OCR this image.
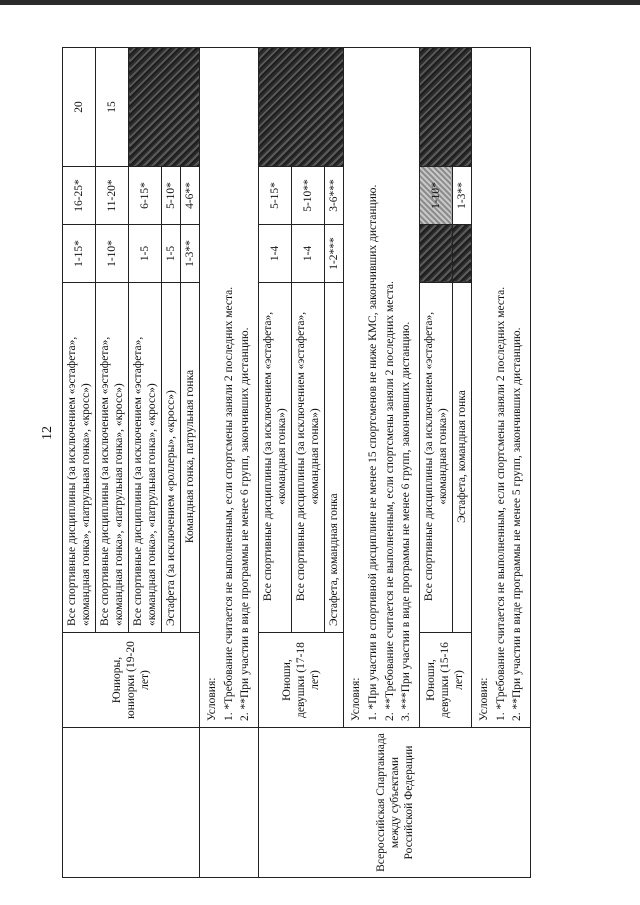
12
	Юниоры, юниорки (19-20 лет)	Все спортивные дисциплины (за исключением «эстафета», «командная гонка», «патрульная гонка», «кросс»)	1-15*	16-25*	20
		Все спортивные дисциплины (за исключением «эстафета», «командная гонка», «патрульная гонка», «кросс»)	1-10*	11-20*	15
		Все спортивные дисциплины (за исключением «эстафета», «командная гонка», «патрульная гонка», «кросс»)	1-5	6-15*	
		Эстафета (за исключением «роллеры», «кросс»)	1-5	5-10*	
		Командная гонка, патрульная гонка	1-3**	4-6**	

	Условия: 1. *Требование считается не выполненным, если спортсмены заняли 2 последних места. 2. **При участии в виде программы не менее 6 групп, закончивших дистанцию.				

Всероссийская Спартакиада между субъектами Российской Федерации	Юноши, девушки (17-18 лет)	Все спортивные дисциплины (за исключением «эстафета», «командная гонка»)	1-4	5-15*	
		Все спортивные дисциплины (за исключением «эстафета», «командная гонка»)	1-4	5-10**	
		Эстафета, командная гонка	1-2***	3-6***	

	Условия: 1. *При участии в спортивной дисциплине не менее 15 спортсменов не ниже КМС, закончивших дистанцию. 2. **Требование считается не выполненным, если спортсмены заняли 2 последних места. 3. ***При участии в виде программы не менее 6 групп, закончивших дистанцию.				

	Юноши, девушки (15-16 лет)	Все спортивные дисциплины (за исключением «эстафета», «командная гонка»)		1-10*	
		Эстафета, командная гонка		1-3**	

	Условия: 1. *Требование считается не выполненным, если спортсмены заняли 2 последних места. 2. **При участии в виде программы не менее 5 групп, закончивших дистанцию.				
